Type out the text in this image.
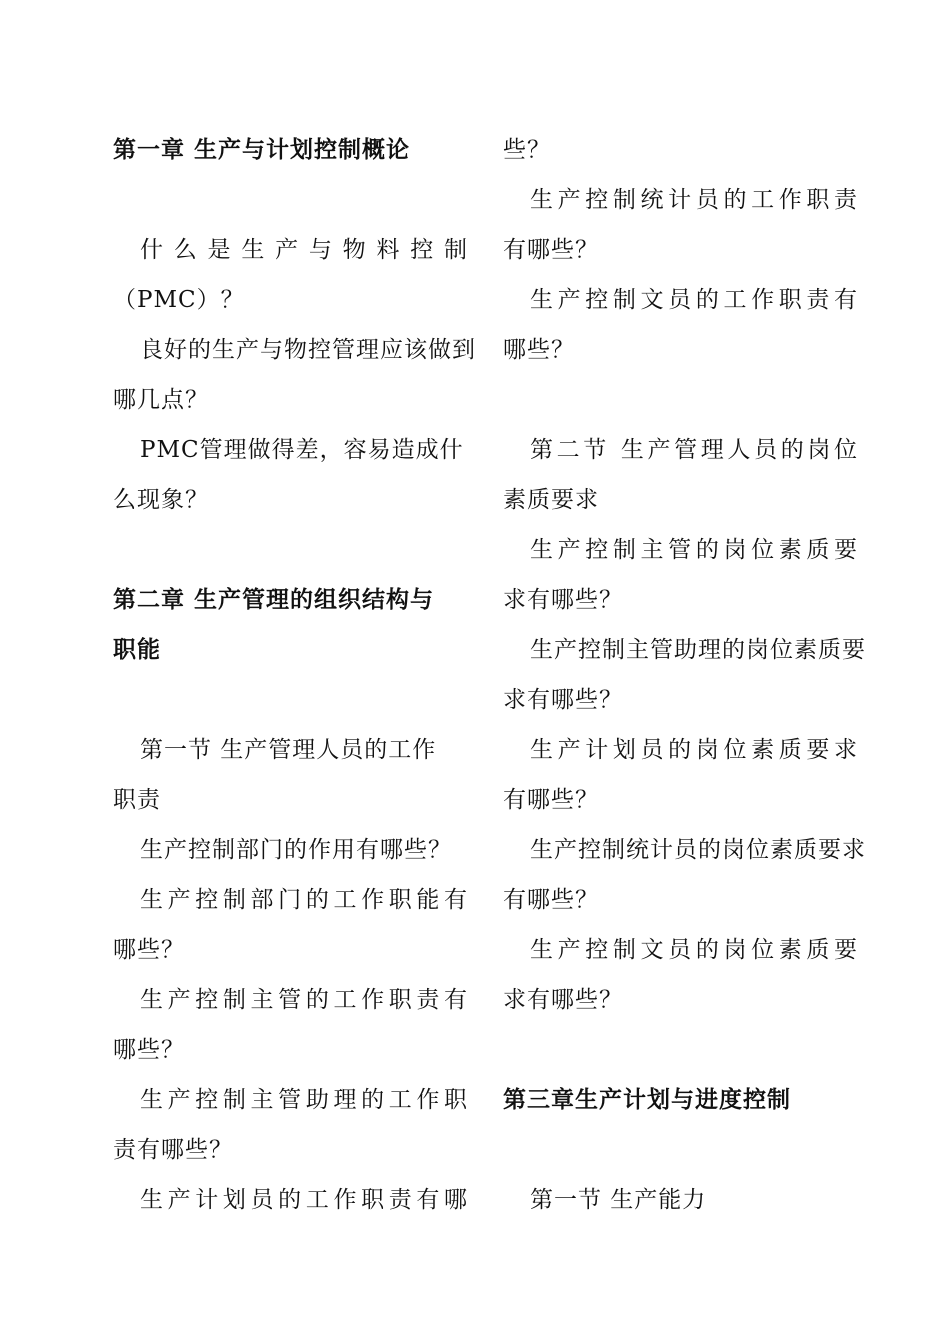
第一章 生产与计划控制概论
什么是生产与物料控制
（PMC）？
良好的生产与物控管理应该做到
哪几点？
PMC管理做得差，容易造成什
么现象？
第二章 生产管理的组织结构与
职能
第一节 生产管理人员的工作
职责
生产控制部门的作用有哪些？
生产控制部门的工作职能有
哪些？
生产控制主管的工作职责有
哪些？
生产控制主管助理的工作职
责有哪些？
生产计划员的工作职责有哪
些？
生产控制统计员的工作职责
有哪些？
生产控制文员的工作职责有
哪些？
第二节 生产管理人员的岗位
素质要求
生产控制主管的岗位素质要
求有哪些？
生产控制主管助理的岗位素质要
求有哪些？
生产计划员的岗位素质要求
有哪些？
生产控制统计员的岗位素质要求
有哪些？
生产控制文员的岗位素质要
求有哪些？
第三章生产计划与进度控制
第一节 生产能力
